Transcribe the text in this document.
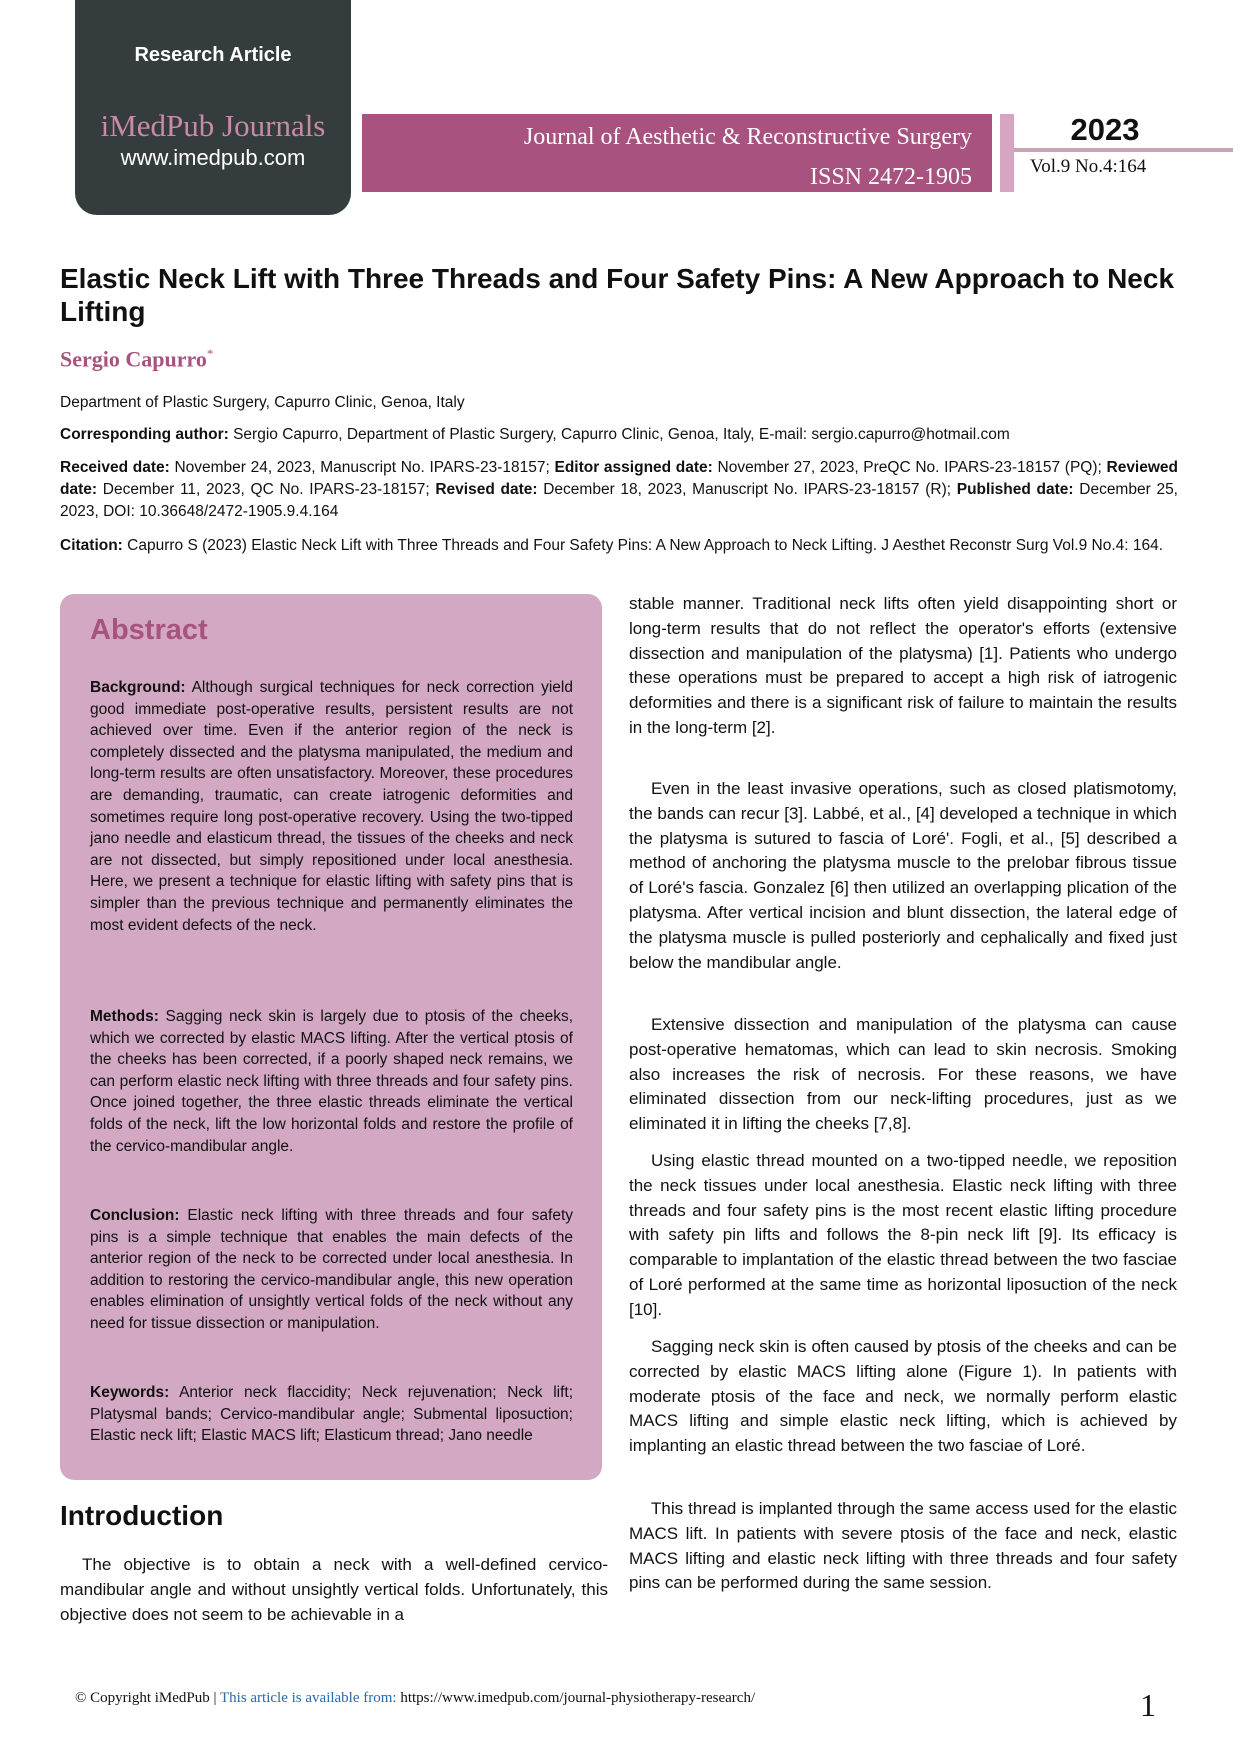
Research Article
iMedPub Journals
www.imedpub.com
Journal of Aesthetic & Reconstructive Surgery
ISSN 2472-1905
2023
Vol.9 No.4:164
Elastic Neck Lift with Three Threads and Four Safety Pins: A New Approach to Neck Lifting
Sergio Capurro*
Department of Plastic Surgery, Capurro Clinic, Genoa, Italy
Corresponding author: Sergio Capurro, Department of Plastic Surgery, Capurro Clinic, Genoa, Italy, E-mail: sergio.capurro@hotmail.com
Received date: November 24, 2023, Manuscript No. IPARS-23-18157; Editor assigned date: November 27, 2023, PreQC No. IPARS-23-18157 (PQ); Reviewed date: December 11, 2023, QC No. IPARS-23-18157; Revised date: December 18, 2023, Manuscript No. IPARS-23-18157 (R); Published date: December 25, 2023, DOI: 10.36648/2472-1905.9.4.164
Citation: Capurro S (2023) Elastic Neck Lift with Three Threads and Four Safety Pins: A New Approach to Neck Lifting. J Aesthet Reconstr Surg Vol.9 No.4: 164.
Abstract
Background: Although surgical techniques for neck correction yield good immediate post-operative results, persistent results are not achieved over time. Even if the anterior region of the neck is completely dissected and the platysma manipulated, the medium and long-term results are often unsatisfactory. Moreover, these procedures are demanding, traumatic, can create iatrogenic deformities and sometimes require long post-operative recovery. Using the two-tipped jano needle and elasticum thread, the tissues of the cheeks and neck are not dissected, but simply repositioned under local anesthesia. Here, we present a technique for elastic lifting with safety pins that is simpler than the previous technique and permanently eliminates the most evident defects of the neck.
Methods: Sagging neck skin is largely due to ptosis of the cheeks, which we corrected by elastic MACS lifting. After the vertical ptosis of the cheeks has been corrected, if a poorly shaped neck remains, we can perform elastic neck lifting with three threads and four safety pins. Once joined together, the three elastic threads eliminate the vertical folds of the neck, lift the low horizontal folds and restore the profile of the cervico-mandibular angle.
Conclusion: Elastic neck lifting with three threads and four safety pins is a simple technique that enables the main defects of the anterior region of the neck to be corrected under local anesthesia. In addition to restoring the cervico-mandibular angle, this new operation enables elimination of unsightly vertical folds of the neck without any need for tissue dissection or manipulation.
Keywords: Anterior neck flaccidity; Neck rejuvenation; Neck lift; Platysmal bands; Cervico-mandibular angle; Submental liposuction; Elastic neck lift; Elastic MACS lift; Elasticum thread; Jano needle
Introduction
The objective is to obtain a neck with a well-defined cervico-mandibular angle and without unsightly vertical folds. Unfortunately, this objective does not seem to be achievable in a
stable manner. Traditional neck lifts often yield disappointing short or long-term results that do not reflect the operator's efforts (extensive dissection and manipulation of the platysma) [1]. Patients who undergo these operations must be prepared to accept a high risk of iatrogenic deformities and there is a significant risk of failure to maintain the results in the long-term [2].
Even in the least invasive operations, such as closed platismotomy, the bands can recur [3]. Labbé, et al., [4] developed a technique in which the platysma is sutured to fascia of Loré'. Fogli, et al., [5] described a method of anchoring the platysma muscle to the prelobar fibrous tissue of Loré's fascia. Gonzalez [6] then utilized an overlapping plication of the platysma. After vertical incision and blunt dissection, the lateral edge of the platysma muscle is pulled posteriorly and cephalically and fixed just below the mandibular angle.
Extensive dissection and manipulation of the platysma can cause post-operative hematomas, which can lead to skin necrosis. Smoking also increases the risk of necrosis. For these reasons, we have eliminated dissection from our neck-lifting procedures, just as we eliminated it in lifting the cheeks [7,8].
Using elastic thread mounted on a two-tipped needle, we reposition the neck tissues under local anesthesia. Elastic neck lifting with three threads and four safety pins is the most recent elastic lifting procedure with safety pin lifts and follows the 8-pin neck lift [9]. Its efficacy is comparable to implantation of the elastic thread between the two fasciae of Loré performed at the same time as horizontal liposuction of the neck [10].
Sagging neck skin is often caused by ptosis of the cheeks and can be corrected by elastic MACS lifting alone (Figure 1). In patients with moderate ptosis of the face and neck, we normally perform elastic MACS lifting and simple elastic neck lifting, which is achieved by implanting an elastic thread between the two fasciae of Loré.
This thread is implanted through the same access used for the elastic MACS lift. In patients with severe ptosis of the face and neck, elastic MACS lifting and elastic neck lifting with three threads and four safety pins can be performed during the same session.
© Copyright iMedPub | This article is available from: https://www.imedpub.com/journal-physiotherapy-research/	1
